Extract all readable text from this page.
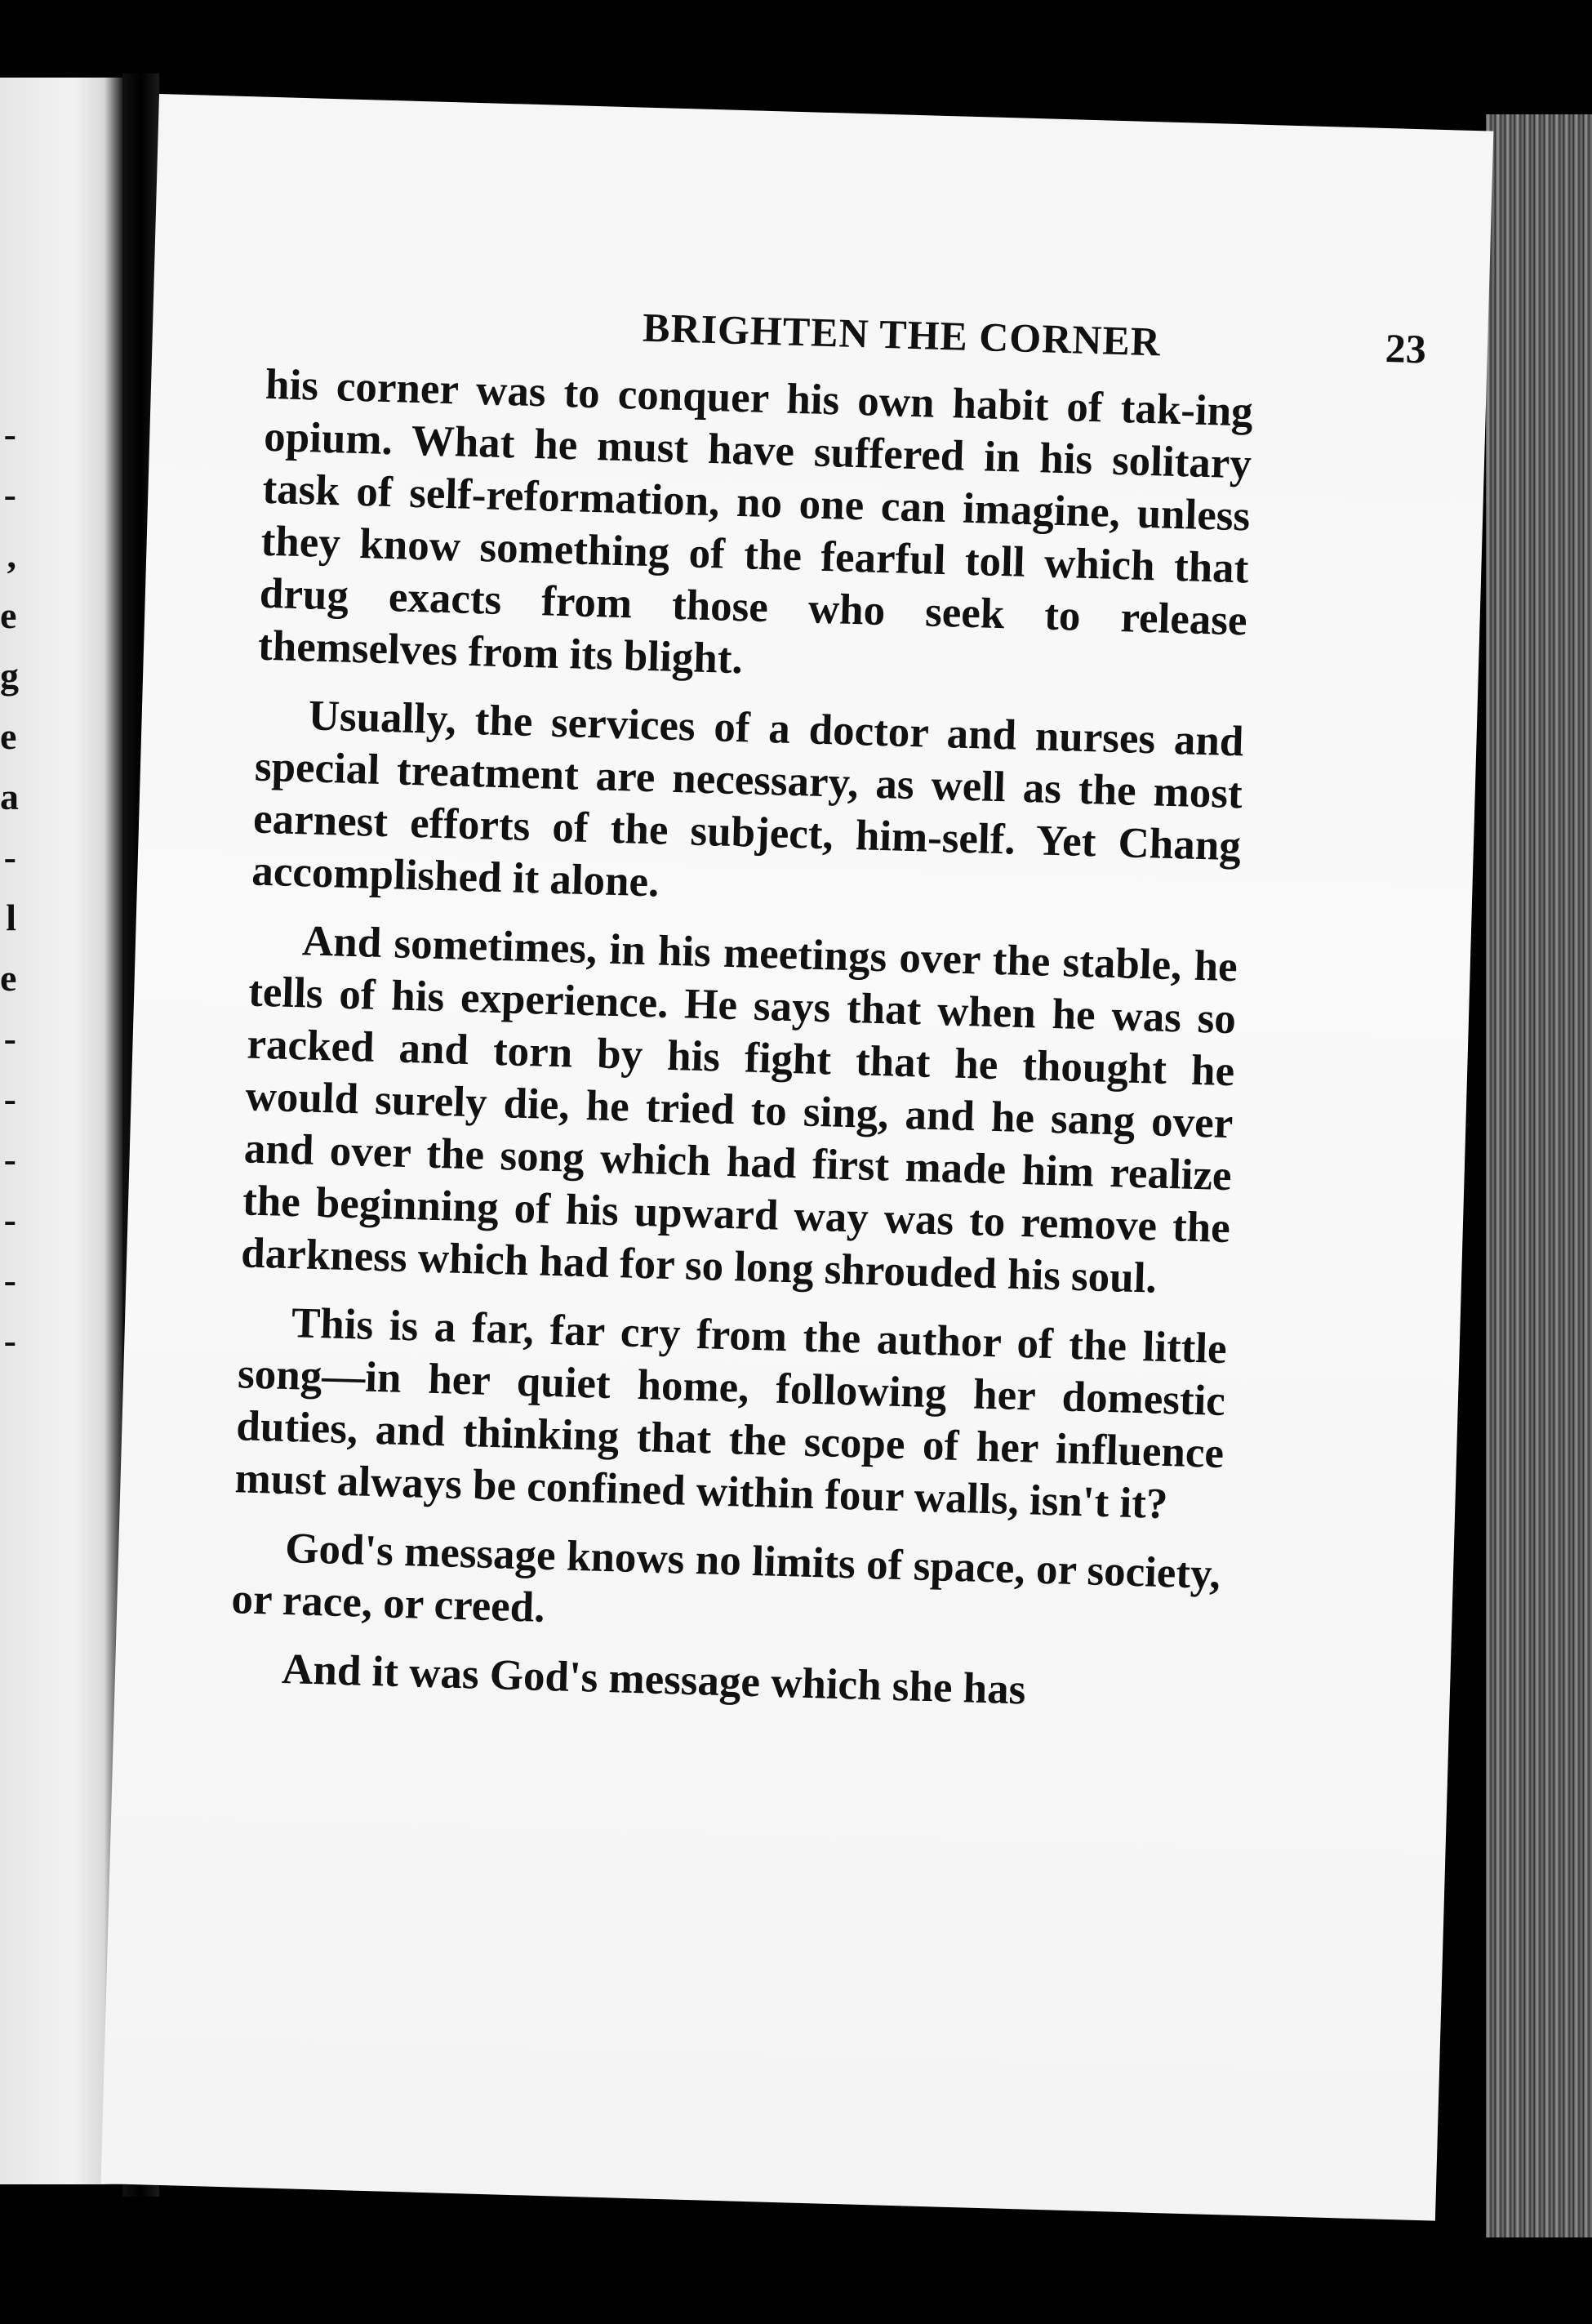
-
-
,
e
g
e
a
-
l
e
-
-
-
-
-
-
BRIGHTEN THE CORNER	23

his corner was to conquer his own habit of tak-ing opium. What he must have suffered in his solitary task of self-reformation, no one can imagine, unless they know something of the fearful toll which that drug exacts from those who seek to release themselves from its blight.

Usually, the services of a doctor and nurses and special treatment are necessary, as well as the most earnest efforts of the subject, him-self. Yet Chang accomplished it alone.

And sometimes, in his meetings over the stable, he tells of his experience. He says that when he was so racked and torn by his fight that he thought he would surely die, he tried to sing, and he sang over and over the song which had first made him realize the beginning of his upward way was to remove the darkness which had for so long shrouded his soul.

This is a far, far cry from the author of the little song—in her quiet home, following her domestic duties, and thinking that the scope of her influence must always be confined within four walls, isn't it?

God's message knows no limits of space, or society, or race, or creed.

And it was God's message which she has
